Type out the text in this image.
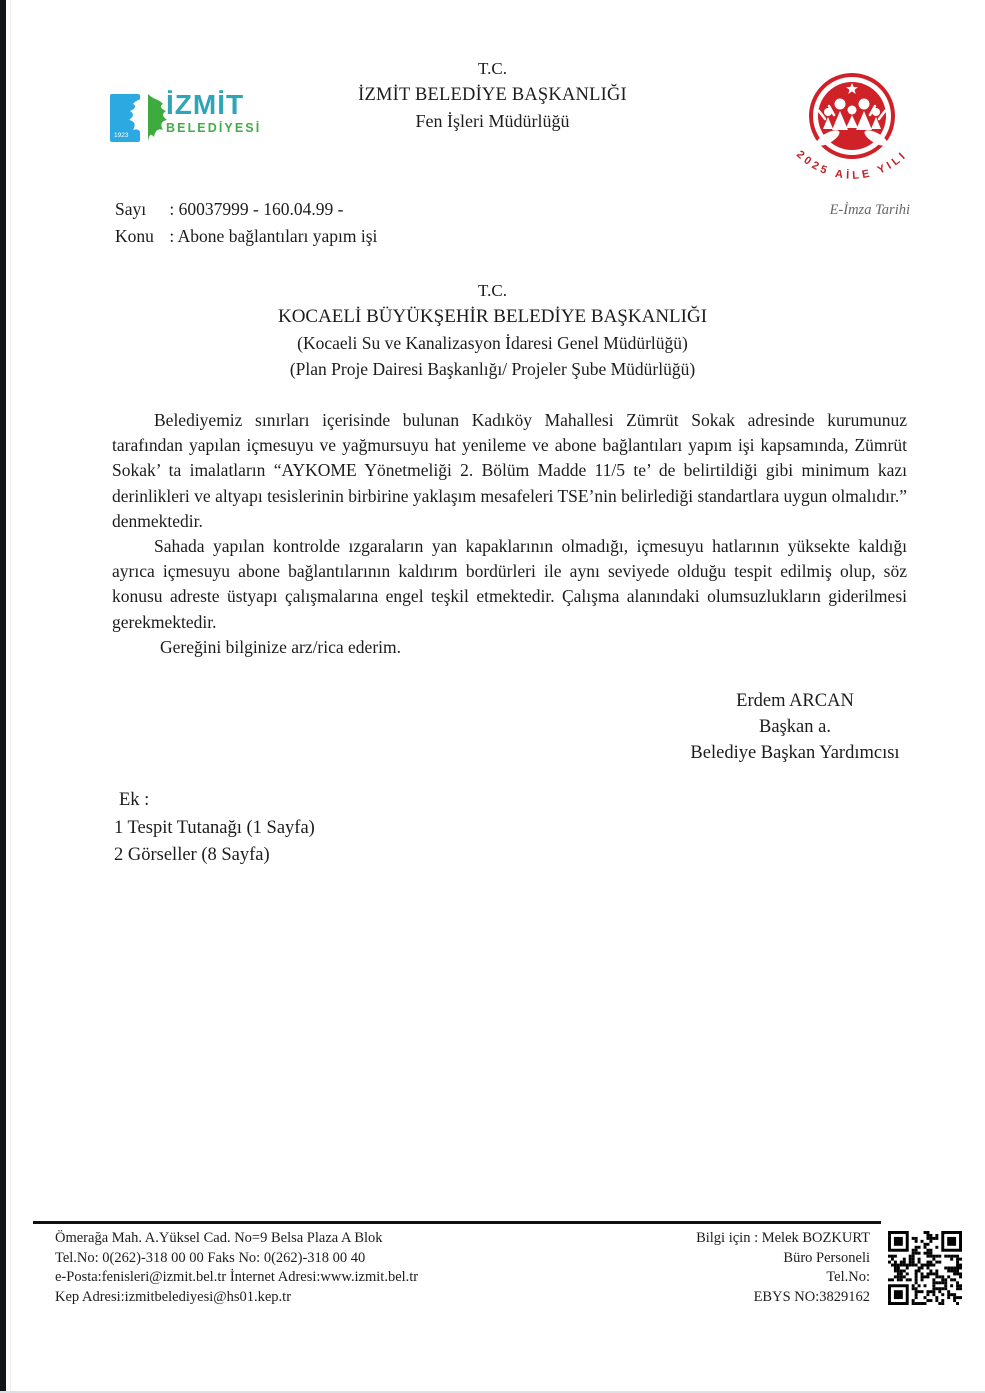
1923
İZMİT
BELEDİYESİ
T.C.
İZMİT BELEDİYE BAŞKANLIĞI
Fen İşleri Müdürlüğü
2025 AİLE YILI
Sayı : 60037999 - 160.04.99 -
Konu : Abone bağlantıları yapım işi
E-İmza Tarihi
T.C.
KOCAELİ BÜYÜKŞEHİR BELEDİYE BAŞKANLIĞI
(Kocaeli Su ve Kanalizasyon İdaresi Genel Müdürlüğü)
(Plan Proje Dairesi Başkanlığı/ Projeler Şube Müdürlüğü)

Belediyemiz sınırları içerisinde bulunan Kadıköy Mahallesi Zümrüt Sokak adresinde kurumunuz tarafından yapılan içmesuyu ve yağmursuyu hat yenileme ve abone bağlantıları yapım işi kapsamında, Zümrüt Sokak’ ta imalatların “AYKOME Yönetmeliği 2. Bölüm Madde 11/5 te’ de belirtildiği gibi minimum kazı derinlikleri ve altyapı tesislerinin birbirine yaklaşım mesafeleri TSE’nin belirlediği standartlara uygun olmalıdır.” denmektedir.

Sahada yapılan kontrolde ızgaraların yan kapaklarının olmadığı, içmesuyu hatlarının yüksekte kaldığı ayrıca içmesuyu abone bağlantılarının kaldırım bordürleri ile aynı seviyede olduğu tespit edilmiş olup, söz konusu adreste üstyapı çalışmalarına engel teşkil etmektedir. Çalışma alanındaki olumsuzlukların giderilmesi gerekmektedir.

Gereğini bilginize arz/rica ederim.

Erdem ARCAN
Başkan a.
Belediye Başkan Yardımcısı
Ek :
1 Tespit Tutanağı (1 Sayfa)
2 Görseller (8 Sayfa)
Ömerağa Mah. A.Yüksel Cad. No=9 Belsa Plaza A Blok
Tel.No: 0(262)-318 00 00 Faks No: 0(262)-318 00 40
e-Posta:fenisleri@izmit.bel.tr İnternet Adresi:www.izmit.bel.tr
Kep Adresi:izmitbelediyesi@hs01.kep.tr
Bilgi için : Melek BOZKURT
Büro Personeli
Tel.No:
EBYS NO:3829162
